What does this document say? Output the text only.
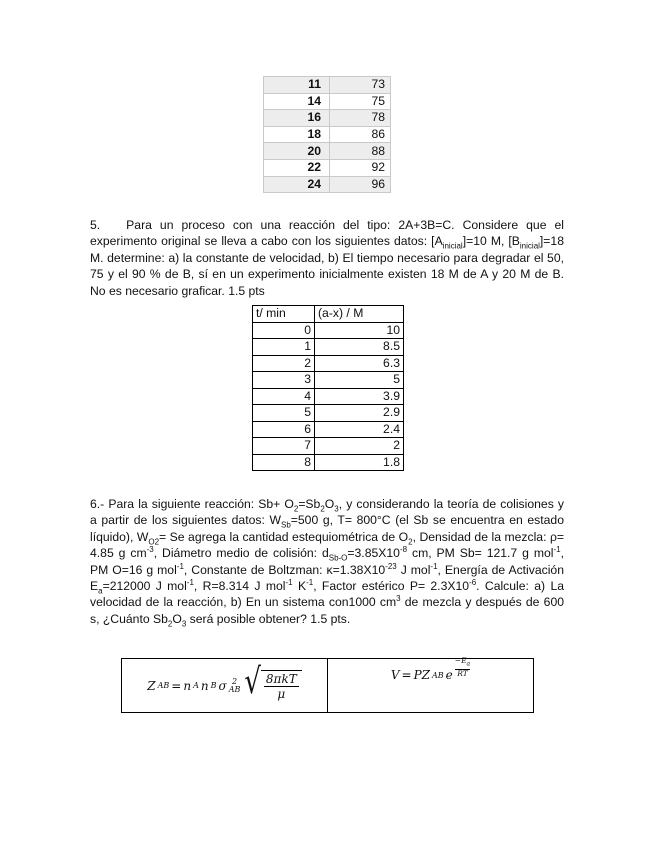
11	73
14	75
16	78
18	86
20	88
22	92
24	96

5. Para un proceso con una reacción del tipo: 2A+3B=C. Considere que el experimento original se lleva a cabo con los siguientes datos: $[A_{inicial}]=10$ M, $[B_{inicial}]=18$ M. determine: a) la constante de velocidad, b) El tiempo necesario para degradar el 50, 75 y el 90 % de B, sí en un experimento inicialmente existen 18 M de A y 20 M de B. No es necesario graficar. 1.5 pts

t/ min	(a-x) / M
0	10
1	8.5
2	6.3
3	5
4	3.9
5	2.9
6	2.4
7	2
8	1.8

6.- Para la siguiente reacción: $Sb+ O_2=Sb_2O_3$, y considerando la teoría de colisiones y a partir de los siguientes datos: $W_{Sb}=500$ g, T= 800°C (el Sb se encuentra en estado líquido), $W_{O2}= Se$ agrega la cantidad estequiométrica de $O_2$, Densidad de la mezcla: ρ= 4.85 g $cm^{-3}$, Diámetro medio de colisión: $d_{Sb-O}=3.85X10^{-8}$ cm, PM Sb= 121.7 g mol$^{-1}$, PM O=16 g mol$^{-1}$, Constante de Boltzman: $ĸ=1.38X10^{-23}$ J mol$^{-1}$, Energía de Activación $E_a=212000$ J mol$^{-1}$, R=8.314 J mol$^{-1}$ $K^{-1}$, Factor estérico $P= 2.3X10^{-6}$. Calcule: a) La velocidad de la reacción, b) En un sistema con1000 $cm^3$ de mezcla y después de 600 s, ¿Cuánto $Sb_2O_3$ será posible obtener? 1.5 pts.

Z AB = n A n B σ 2
AB √ $\frac{\text{8πkT}}{\mu}$	V = PZ AB e $\frac{-E_a}{RT}$
